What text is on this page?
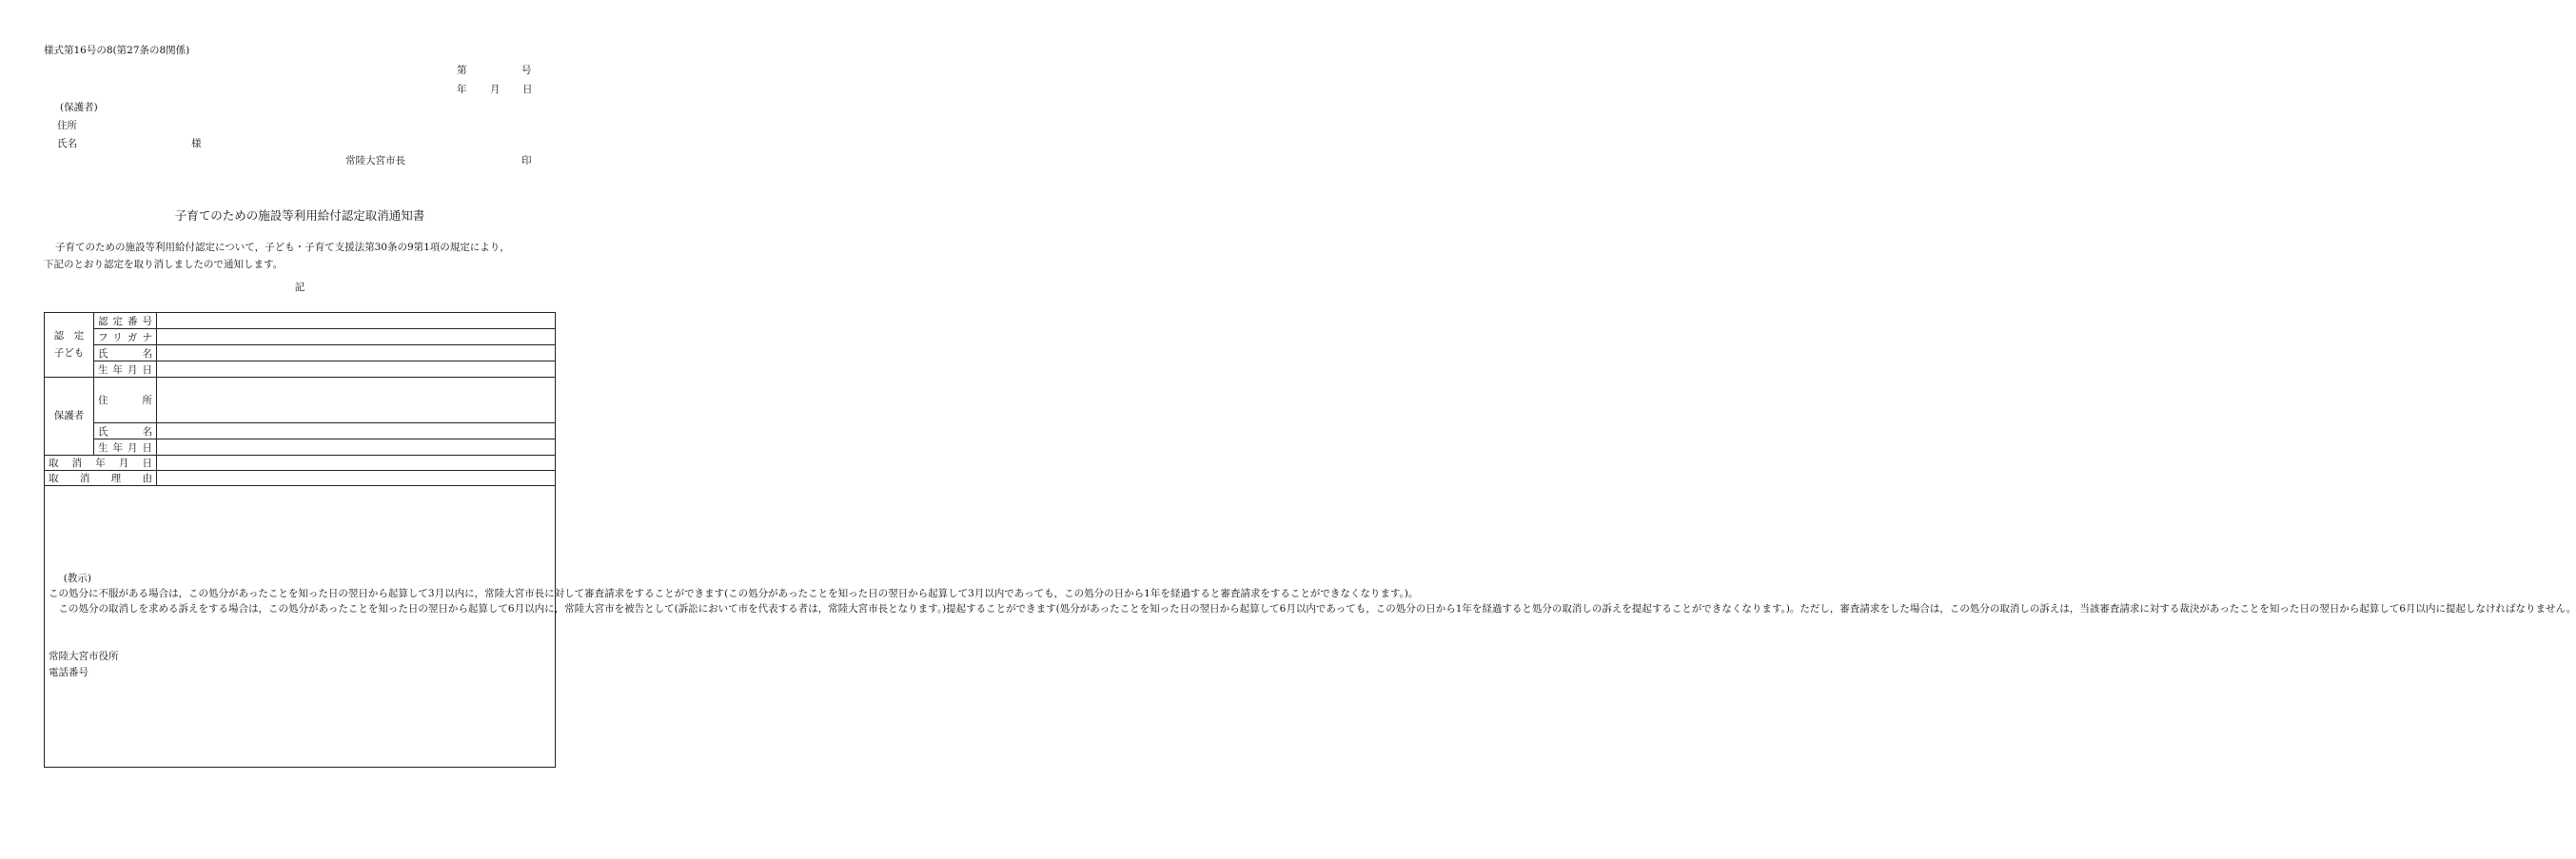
様式第16号の8(第27条の8関係)
第	号
年 月 日
(保護者)
住所
氏名	様
常陸大宮市長	印
子育てのための施設等利用給付認定取消通知書
子育てのための施設等利用給付認定について，子ども・子育て支援法第30条の9第1項の規定により，
下記のとおり認定を取り消しましたので通知します。
記
認　定
子ども	認定番号	
	フリガナ	
	氏名	
	生年月日	
保護者	住所	
	氏名	
	生年月日	
取消年月日		
取消理由		

(教示)

この処分に不服がある場合は，この処分があったことを知った日の翌日から起算して3月以内に，常陸大宮市長に対して審査請求をすることができます(この処分があったことを知った日の翌日から起算して3月以内であっても，この処分の日から1年を経過すると審査請求をすることができなくなります。)。

この処分の取消しを求める訴えをする場合は，この処分があったことを知った日の翌日から起算して6月以内に，常陸大宮市を被告として(訴訟において市を代表する者は，常陸大宮市長となります。)提起することができます(処分があったことを知った日の翌日から起算して6月以内であっても，この処分の日から1年を経過すると処分の取消しの訴えを提起することができなくなります。)。ただし，審査請求をした場合は，この処分の取消しの訴えは，当該審査請求に対する裁決があったことを知った日の翌日から起算して6月以内に提起しなければなりません。

常陸大宮市役所
電話番号		
